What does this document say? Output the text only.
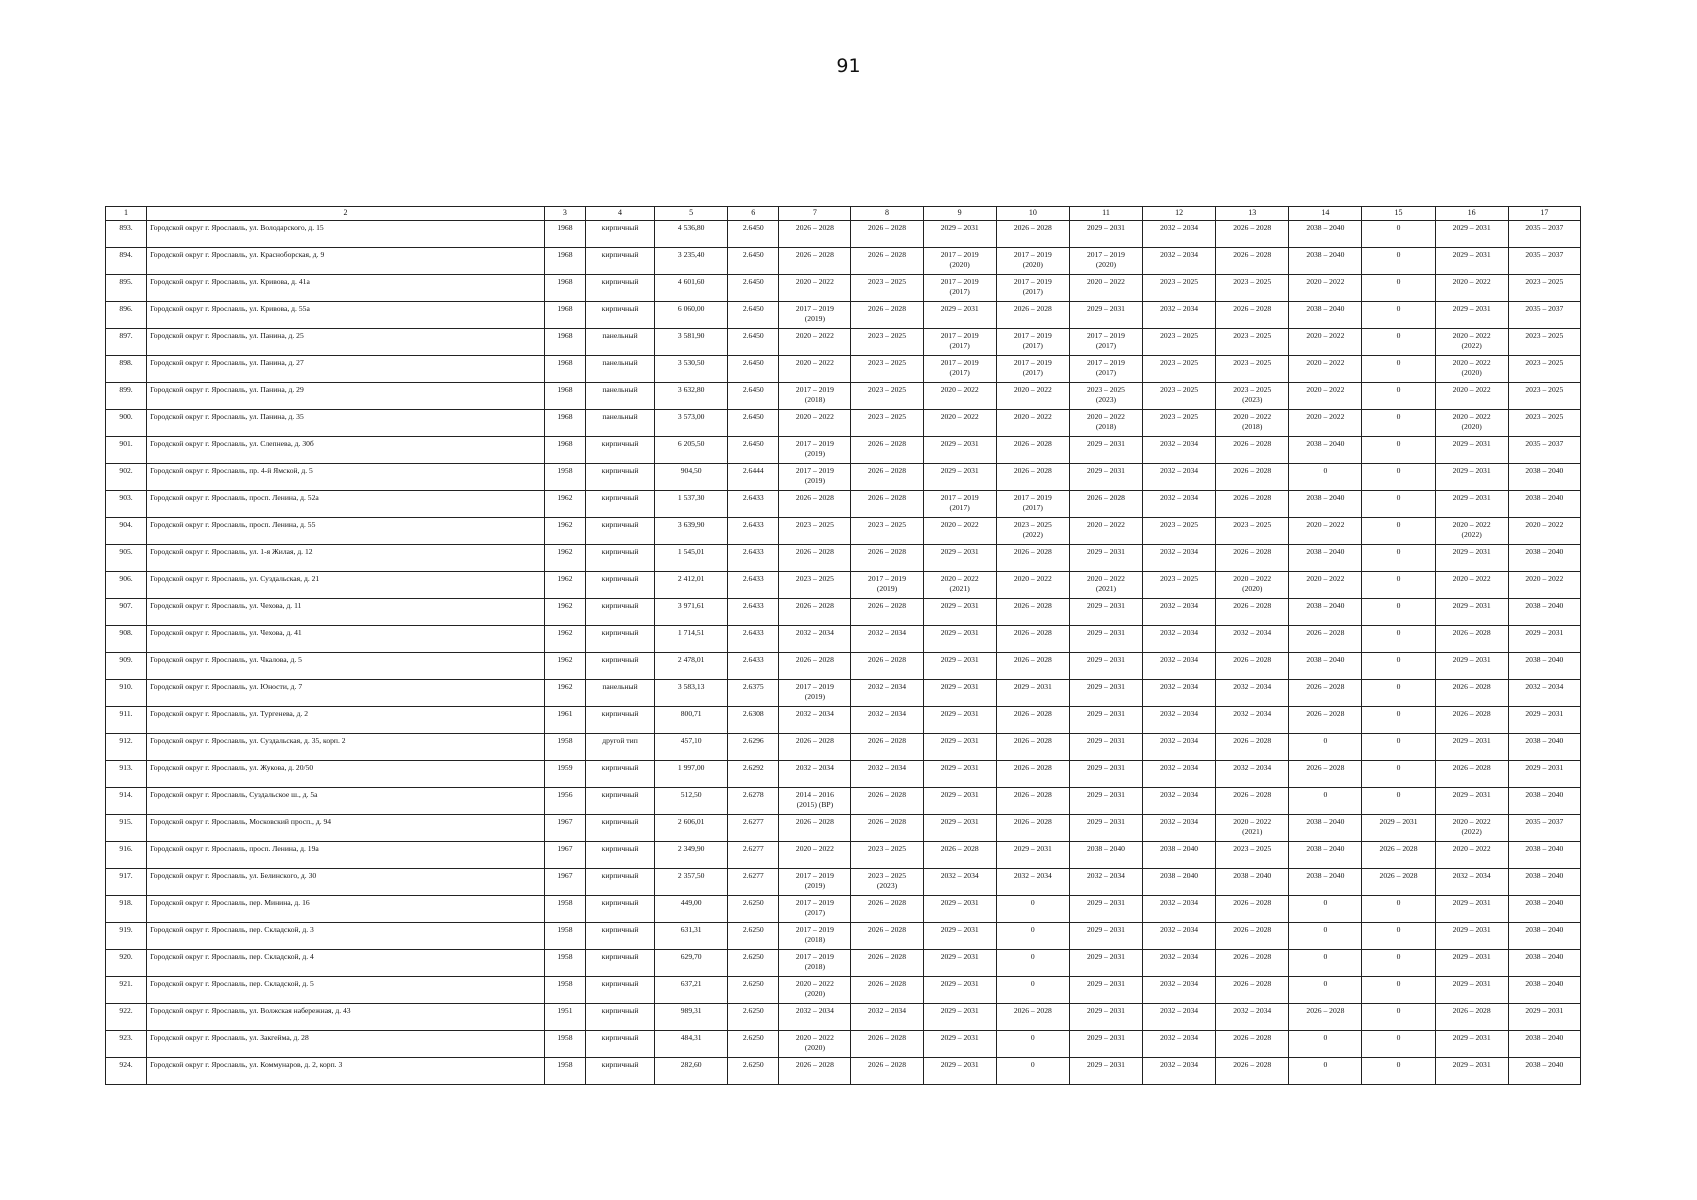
91
1	2	3	4	5	6	7	8	9	10	11	12	13	14	15	16	17

893.	Городской округ г. Ярославль, ул. Володарского, д. 15	1968	кирпичный	4 536,80	2.6450	2026 – 2028	2026 – 2028	2029 – 2031	2026 – 2028	2029 – 2031	2032 – 2034	2026 – 2028	2038 – 2040	0	2029 – 2031	2035 – 2037

894.	Городской округ г. Ярославль, ул. Красноборская, д. 9	1968	кирпичный	3 235,40	2.6450	2026 – 2028	2026 – 2028	2017 – 2019
(2020)	2017 – 2019
(2020)	2017 – 2019
(2020)	2032 – 2034	2026 – 2028	2038 – 2040	0	2029 – 2031	2035 – 2037

895.	Городской округ г. Ярославль, ул. Кривова, д. 41а	1968	кирпичный	4 601,60	2.6450	2020 – 2022	2023 – 2025	2017 – 2019
(2017)	2017 – 2019
(2017)	2020 – 2022	2023 – 2025	2023 – 2025	2020 – 2022	0	2020 – 2022	2023 – 2025

896.	Городской округ г. Ярославль, ул. Кривова, д. 55а	1968	кирпичный	6 060,00	2.6450	2017 – 2019
(2019)	2026 – 2028	2029 – 2031	2026 – 2028	2029 – 2031	2032 – 2034	2026 – 2028	2038 – 2040	0	2029 – 2031	2035 – 2037

897.	Городской округ г. Ярославль, ул. Панина, д. 25	1968	панельный	3 581,90	2.6450	2020 – 2022	2023 – 2025	2017 – 2019
(2017)	2017 – 2019
(2017)	2017 – 2019
(2017)	2023 – 2025	2023 – 2025	2020 – 2022	0	2020 – 2022
(2022)	2023 – 2025

898.	Городской округ г. Ярославль, ул. Панина, д. 27	1968	панельный	3 530,50	2.6450	2020 – 2022	2023 – 2025	2017 – 2019
(2017)	2017 – 2019
(2017)	2017 – 2019
(2017)	2023 – 2025	2023 – 2025	2020 – 2022	0	2020 – 2022
(2020)	2023 – 2025

899.	Городской округ г. Ярославль, ул. Панина, д. 29	1968	панельный	3 632,80	2.6450	2017 – 2019
(2018)	2023 – 2025	2020 – 2022	2020 – 2022	2023 – 2025
(2023)	2023 – 2025	2023 – 2025
(2023)	2020 – 2022	0	2020 – 2022	2023 – 2025

900.	Городской округ г. Ярославль, ул. Панина, д. 35	1968	панельный	3 573,00	2.6450	2020 – 2022	2023 – 2025	2020 – 2022	2020 – 2022	2020 – 2022
(2018)	2023 – 2025	2020 – 2022
(2018)	2020 – 2022	0	2020 – 2022
(2020)	2023 – 2025

901.	Городской округ г. Ярославль, ул. Слепнева, д. 30б	1968	кирпичный	6 205,50	2.6450	2017 – 2019
(2019)	2026 – 2028	2029 – 2031	2026 – 2028	2029 – 2031	2032 – 2034	2026 – 2028	2038 – 2040	0	2029 – 2031	2035 – 2037

902.	Городской округ г. Ярославль, пр. 4-й Ямской, д. 5	1958	кирпичный	904,50	2.6444	2017 – 2019
(2019)	2026 – 2028	2029 – 2031	2026 – 2028	2029 – 2031	2032 – 2034	2026 – 2028	0	0	2029 – 2031	2038 – 2040

903.	Городской округ г. Ярославль, просп. Ленина, д. 52а	1962	кирпичный	1 537,30	2.6433	2026 – 2028	2026 – 2028	2017 – 2019
(2017)	2017 – 2019
(2017)	2026 – 2028	2032 – 2034	2026 – 2028	2038 – 2040	0	2029 – 2031	2038 – 2040

904.	Городской округ г. Ярославль, просп. Ленина, д. 55	1962	кирпичный	3 639,90	2.6433	2023 – 2025	2023 – 2025	2020 – 2022	2023 – 2025
(2022)	2020 – 2022	2023 – 2025	2023 – 2025	2020 – 2022	0	2020 – 2022
(2022)	2020 – 2022

905.	Городской округ г. Ярославль, ул. 1-я Жилая, д. 12	1962	кирпичный	1 545,01	2.6433	2026 – 2028	2026 – 2028	2029 – 2031	2026 – 2028	2029 – 2031	2032 – 2034	2026 – 2028	2038 – 2040	0	2029 – 2031	2038 – 2040

906.	Городской округ г. Ярославль, ул. Суздальская, д. 21	1962	кирпичный	2 412,01	2.6433	2023 – 2025	2017 – 2019
(2019)	2020 – 2022
(2021)	2020 – 2022	2020 – 2022
(2021)	2023 – 2025	2020 – 2022
(2020)	2020 – 2022	0	2020 – 2022	2020 – 2022

907.	Городской округ г. Ярославль, ул. Чехова, д. 11	1962	кирпичный	3 971,61	2.6433	2026 – 2028	2026 – 2028	2029 – 2031	2026 – 2028	2029 – 2031	2032 – 2034	2026 – 2028	2038 – 2040	0	2029 – 2031	2038 – 2040

908.	Городской округ г. Ярославль, ул. Чехова, д. 41	1962	кирпичный	1 714,51	2.6433	2032 – 2034	2032 – 2034	2029 – 2031	2026 – 2028	2029 – 2031	2032 – 2034	2032 – 2034	2026 – 2028	0	2026 – 2028	2029 – 2031

909.	Городской округ г. Ярославль, ул. Чкалова, д. 5	1962	кирпичный	2 478,01	2.6433	2026 – 2028	2026 – 2028	2029 – 2031	2026 – 2028	2029 – 2031	2032 – 2034	2026 – 2028	2038 – 2040	0	2029 – 2031	2038 – 2040

910.	Городской округ г. Ярославль, ул. Юности, д. 7	1962	панельный	3 583,13	2.6375	2017 – 2019
(2019)	2032 – 2034	2029 – 2031	2029 – 2031	2029 – 2031	2032 – 2034	2032 – 2034	2026 – 2028	0	2026 – 2028	2032 – 2034

911.	Городской округ г. Ярославль, ул. Тургенева, д. 2	1961	кирпичный	800,71	2.6308	2032 – 2034	2032 – 2034	2029 – 2031	2026 – 2028	2029 – 2031	2032 – 2034	2032 – 2034	2026 – 2028	0	2026 – 2028	2029 – 2031

912.	Городской округ г. Ярославль, ул. Суздальская, д. 35, корп. 2	1958	другой тип	457,10	2.6296	2026 – 2028	2026 – 2028	2029 – 2031	2026 – 2028	2029 – 2031	2032 – 2034	2026 – 2028	0	0	2029 – 2031	2038 – 2040

913.	Городской округ г. Ярославль, ул. Жукова, д. 20/50	1959	кирпичный	1 997,00	2.6292	2032 – 2034	2032 – 2034	2029 – 2031	2026 – 2028	2029 – 2031	2032 – 2034	2032 – 2034	2026 – 2028	0	2026 – 2028	2029 – 2031

914.	Городской округ г. Ярославль, Суздальское ш., д. 5а	1956	кирпичный	512,50	2.6278	2014 – 2016
(2015) (ВР)	2026 – 2028	2029 – 2031	2026 – 2028	2029 – 2031	2032 – 2034	2026 – 2028	0	0	2029 – 2031	2038 – 2040

915.	Городской округ г. Ярославль, Московский просп., д. 94	1967	кирпичный	2 606,01	2.6277	2026 – 2028	2026 – 2028	2029 – 2031	2026 – 2028	2029 – 2031	2032 – 2034	2020 – 2022
(2021)	2038 – 2040	2029 – 2031	2020 – 2022
(2022)	2035 – 2037

916.	Городской округ г. Ярославль, просп. Ленина, д. 19а	1967	кирпичный	2 349,90	2.6277	2020 – 2022	2023 – 2025	2026 – 2028	2029 – 2031	2038 – 2040	2038 – 2040	2023 – 2025	2038 – 2040	2026 – 2028	2020 – 2022	2038 – 2040

917.	Городской округ г. Ярославль, ул. Белинского, д. 30	1967	кирпичный	2 357,50	2.6277	2017 – 2019
(2019)	2023 – 2025
(2023)	2032 – 2034	2032 – 2034	2032 – 2034	2038 – 2040	2038 – 2040	2038 – 2040	2026 – 2028	2032 – 2034	2038 – 2040

918.	Городской округ г. Ярославль, пер. Минина, д. 16	1958	кирпичный	449,00	2.6250	2017 – 2019
(2017)	2026 – 2028	2029 – 2031	0	2029 – 2031	2032 – 2034	2026 – 2028	0	0	2029 – 2031	2038 – 2040

919.	Городской округ г. Ярославль, пер. Складской, д. 3	1958	кирпичный	631,31	2.6250	2017 – 2019
(2018)	2026 – 2028	2029 – 2031	0	2029 – 2031	2032 – 2034	2026 – 2028	0	0	2029 – 2031	2038 – 2040

920.	Городской округ г. Ярославль, пер. Складской, д. 4	1958	кирпичный	629,70	2.6250	2017 – 2019
(2018)	2026 – 2028	2029 – 2031	0	2029 – 2031	2032 – 2034	2026 – 2028	0	0	2029 – 2031	2038 – 2040

921.	Городской округ г. Ярославль, пер. Складской, д. 5	1958	кирпичный	637,21	2.6250	2020 – 2022
(2020)	2026 – 2028	2029 – 2031	0	2029 – 2031	2032 – 2034	2026 – 2028	0	0	2029 – 2031	2038 – 2040

922.	Городской округ г. Ярославль, ул. Волжская набережная, д. 43	1951	кирпичный	989,31	2.6250	2032 – 2034	2032 – 2034	2029 – 2031	2026 – 2028	2029 – 2031	2032 – 2034	2032 – 2034	2026 – 2028	0	2026 – 2028	2029 – 2031

923.	Городской округ г. Ярославль, ул. Закгейма, д. 28	1958	кирпичный	484,31	2.6250	2020 – 2022
(2020)	2026 – 2028	2029 – 2031	0	2029 – 2031	2032 – 2034	2026 – 2028	0	0	2029 – 2031	2038 – 2040

924.	Городской округ г. Ярославль, ул. Коммунаров, д. 2, корп. 3	1958	кирпичный	282,60	2.6250	2026 – 2028	2026 – 2028	2029 – 2031	0	2029 – 2031	2032 – 2034	2026 – 2028	0	0	2029 – 2031	2038 – 2040
